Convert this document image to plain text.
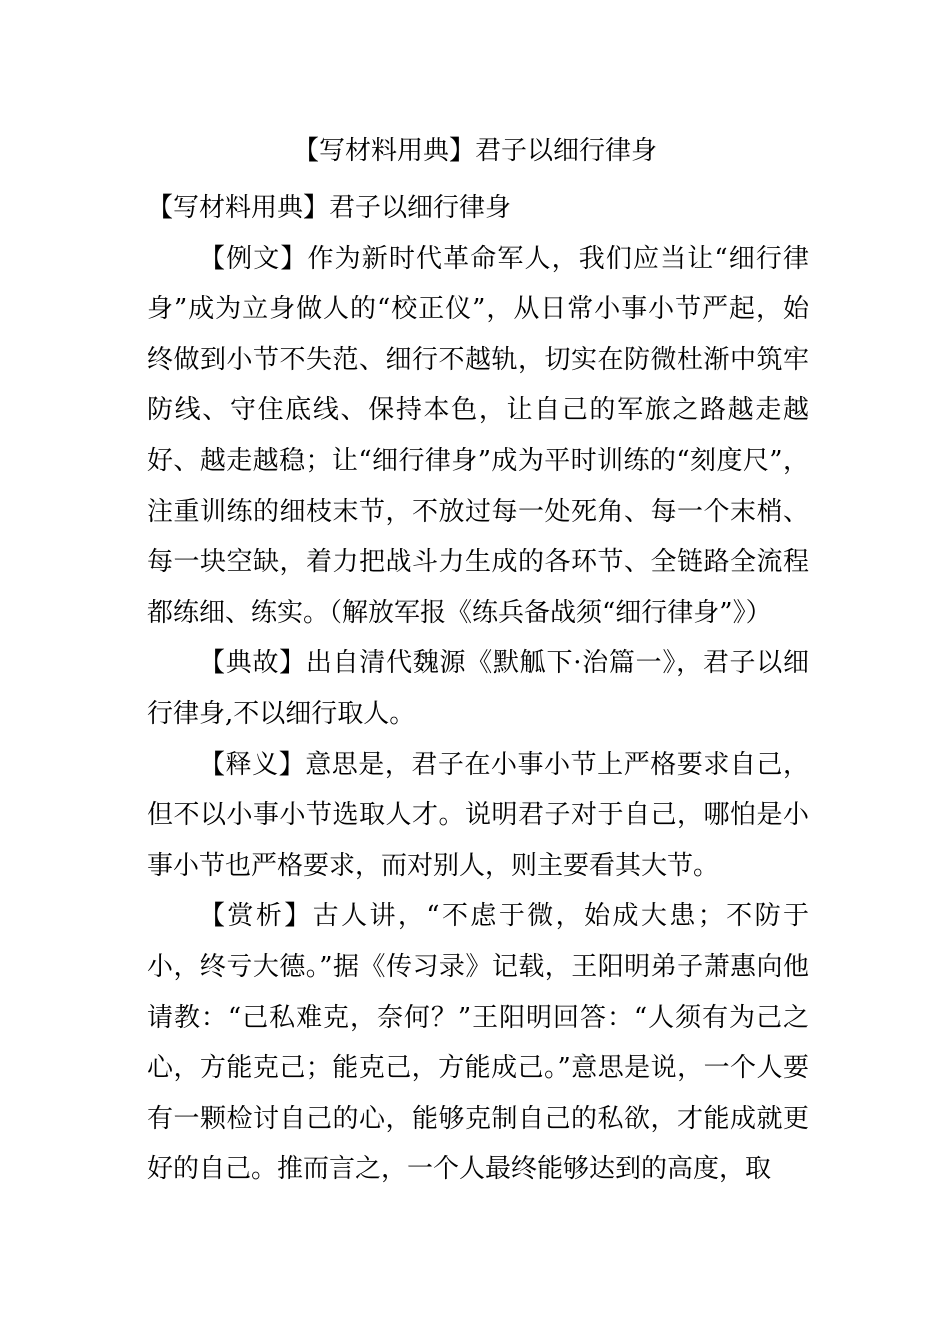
【写材料用典】君子以细行律身

【写材料用典】君子以细行律身

【例文】作为新时代革命军人，我们应当让“细行律身”成为立身做人的“校正仪”，从日常小事小节严起，始终做到小节不失范、细行不越轨，切实在防微杜渐中筑牢防线、守住底线、保持本色，让自己的军旅之路越走越好、越走越稳；让“细行律身”成为平时训练的“刻度尺”，注重训练的细枝末节，不放过每一处死角、每一个末梢、每一块空缺，着力把战斗力生成的各环节、全链路全流程都练细、练实。（解放军报《练兵备战须“细行律身”》）

【典故】出自清代魏源《默觚下·治篇一》，君子以细行律身,不以细行取人。

【释义】意思是，君子在小事小节上严格要求自己，但不以小事小节选取人才。说明君子对于自己，哪怕是小事小节也严格要求，而对别人，则主要看其大节。

【赏析】古人讲，“不虑于微，始成大患；不防于小，终亏大德。”据《传习录》记载，王阳明弟子萧惠向他请教：“己私难克，奈何？”王阳明回答：“人须有为己之心，方能克己；能克己，方能成己。”意思是说，一个人要有一颗检讨自己的心，能够克制自己的私欲，才能成就更好的自己。推而言之，一个人最终能够达到的高度，取
